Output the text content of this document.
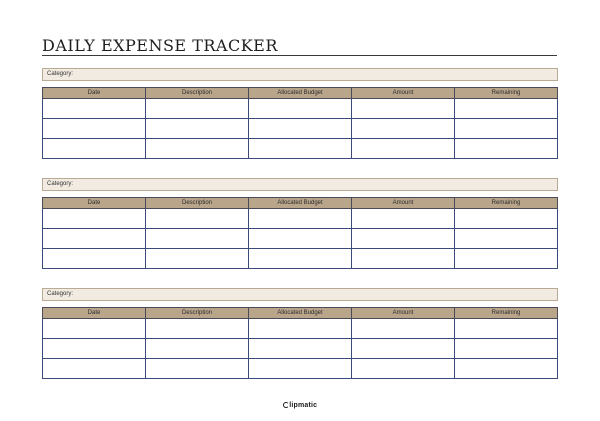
DAILY EXPENSE TRACKER
Category:
Date	Description	Allocated Budget	Amount	Remaining

Category:
Date	Description	Allocated Budget	Amount	Remaining

Category:
Date	Description	Allocated Budget	Amount	Remaining

lipmatic
